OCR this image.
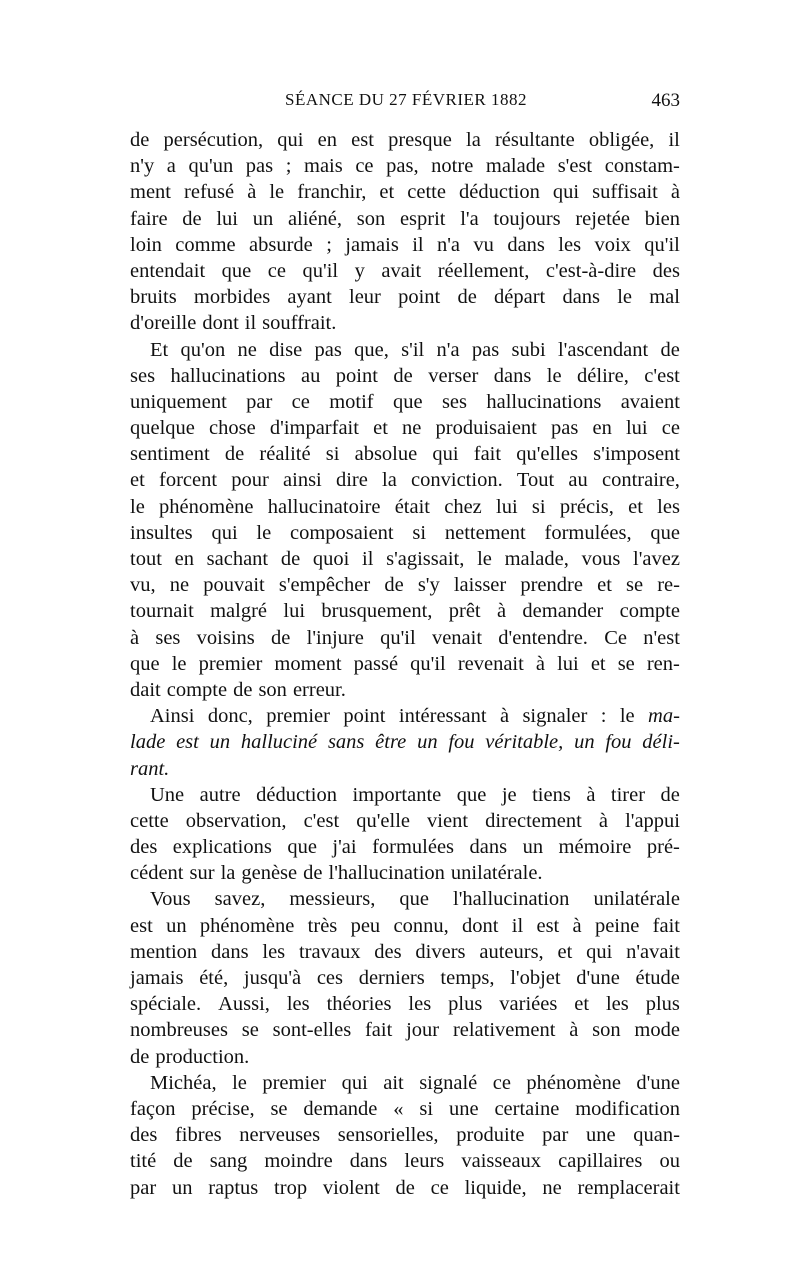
SÉANCE DU 27 FÉVRIER 1882	463
de persécution, qui en est presque la résultante obligée, il
n'y a qu'un pas ; mais ce pas, notre malade s'est constam-
ment refusé à le franchir, et cette déduction qui suffisait à
faire de lui un aliéné, son esprit l'a toujours rejetée bien
loin comme absurde ; jamais il n'a vu dans les voix qu'il
entendait que ce qu'il y avait réellement, c'est-à-dire des
bruits morbides ayant leur point de départ dans le mal
d'oreille dont il souffrait.
Et qu'on ne dise pas que, s'il n'a pas subi l'ascendant de
ses hallucinations au point de verser dans le délire, c'est
uniquement par ce motif que ses hallucinations avaient
quelque chose d'imparfait et ne produisaient pas en lui ce
sentiment de réalité si absolue qui fait qu'elles s'imposent
et forcent pour ainsi dire la conviction. Tout au contraire,
le phénomène hallucinatoire était chez lui si précis, et les
insultes qui le composaient si nettement formulées, que
tout en sachant de quoi il s'agissait, le malade, vous l'avez
vu, ne pouvait s'empêcher de s'y laisser prendre et se re-
tournait malgré lui brusquement, prêt à demander compte
à ses voisins de l'injure qu'il venait d'entendre. Ce n'est
que le premier moment passé qu'il revenait à lui et se ren-
dait compte de son erreur.
Ainsi donc, premier point intéressant à signaler : le ma-
lade est un halluciné sans être un fou véritable, un fou déli-
rant.
Une autre déduction importante que je tiens à tirer de
cette observation, c'est qu'elle vient directement à l'appui
des explications que j'ai formulées dans un mémoire pré-
cédent sur la genèse de l'hallucination unilatérale.
Vous savez, messieurs, que l'hallucination unilatérale
est un phénomène très peu connu, dont il est à peine fait
mention dans les travaux des divers auteurs, et qui n'avait
jamais été, jusqu'à ces derniers temps, l'objet d'une étude
spéciale. Aussi, les théories les plus variées et les plus
nombreuses se sont-elles fait jour relativement à son mode
de production.
Michéa, le premier qui ait signalé ce phénomène d'une
façon précise, se demande « si une certaine modification
des fibres nerveuses sensorielles, produite par une quan-
tité de sang moindre dans leurs vaisseaux capillaires ou
par un raptus trop violent de ce liquide, ne remplacerait
